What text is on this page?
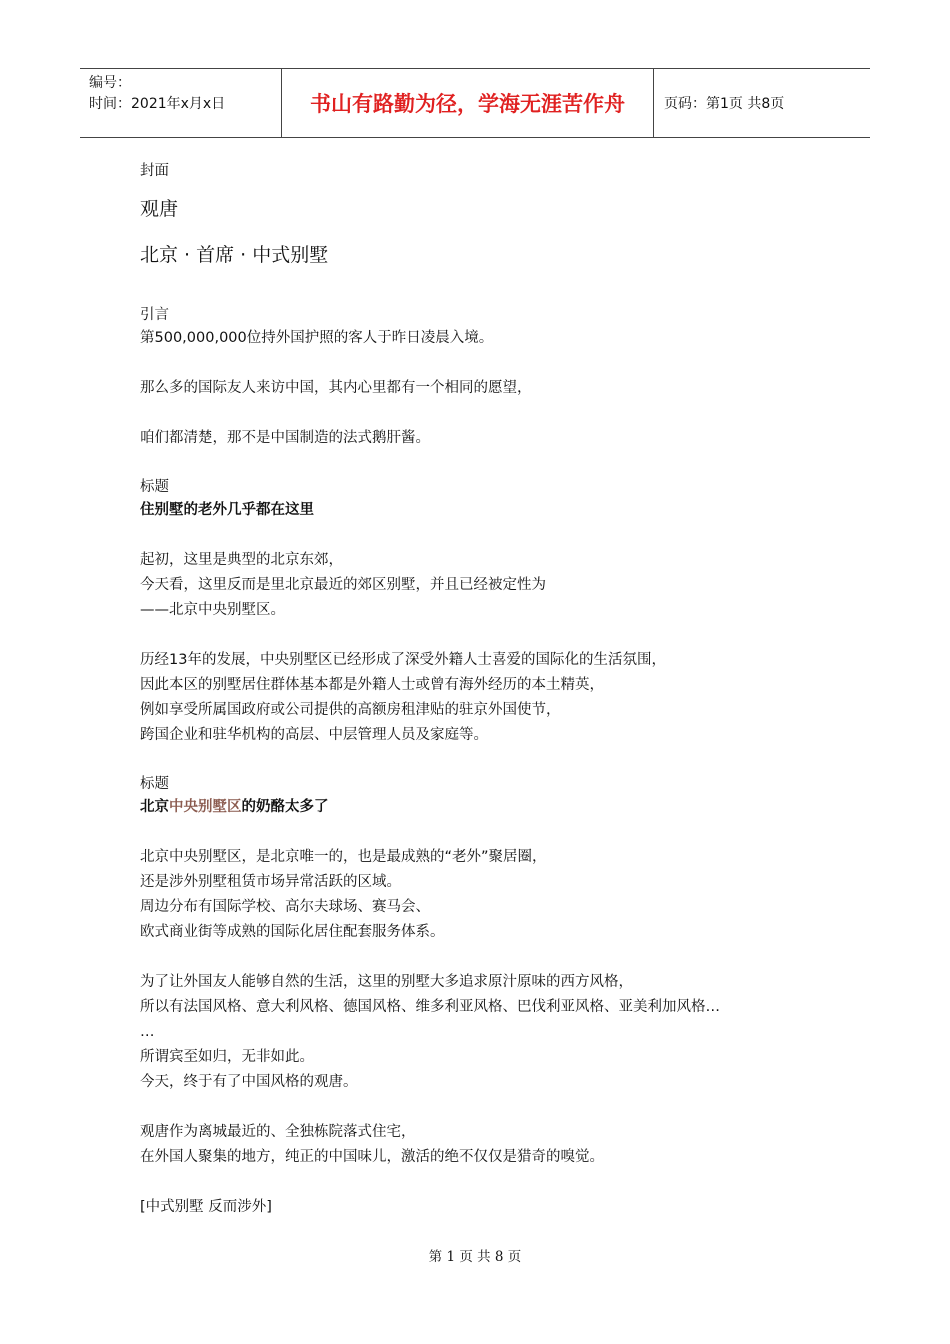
编号：
时间：2021年x月x日	书山有路勤为径，学海无涯苦作舟	页码：第1页 共8页
封面
观唐
北京 · 首席 · 中式别墅
引言

第500,000,000位持外国护照的客人于昨日凌晨入境。

那么多的国际友人来访中国，其内心里都有一个相同的愿望，

咱们都清楚，那不是中国制造的法式鹅肝酱。

标题

住别墅的老外几乎都在这里

起初，这里是典型的北京东郊，

今天看，这里反而是里北京最近的郊区别墅，并且已经被定性为

——北京中央别墅区。

历经13年的发展，中央别墅区已经形成了深受外籍人士喜爱的国际化的生活氛围，

因此本区的别墅居住群体基本都是外籍人士或曾有海外经历的本土精英，

例如享受所属国政府或公司提供的高额房租津贴的驻京外国使节，

跨国企业和驻华机构的高层、中层管理人员及家庭等。

标题

北京中央别墅区的奶酪太多了

北京中央别墅区，是北京唯一的，也是最成熟的“老外”聚居圈，

还是涉外别墅租赁市场异常活跃的区域。

周边分布有国际学校、高尔夫球场、赛马会、

欧式商业街等成熟的国际化居住配套服务体系。

为了让外国友人能够自然的生活，这里的别墅大多追求原汁原味的西方风格，

所以有法国风格、意大利风格、德国风格、维多利亚风格、巴伐利亚风格、亚美利加风格…

…

所谓宾至如归，无非如此。

今天，终于有了中国风格的观唐。

观唐作为离城最近的、全独栋院落式住宅，

在外国人聚集的地方，纯正的中国味儿，激活的绝不仅仅是猎奇的嗅觉。

[中式别墅 反而涉外]

第 1 页 共 8 页
